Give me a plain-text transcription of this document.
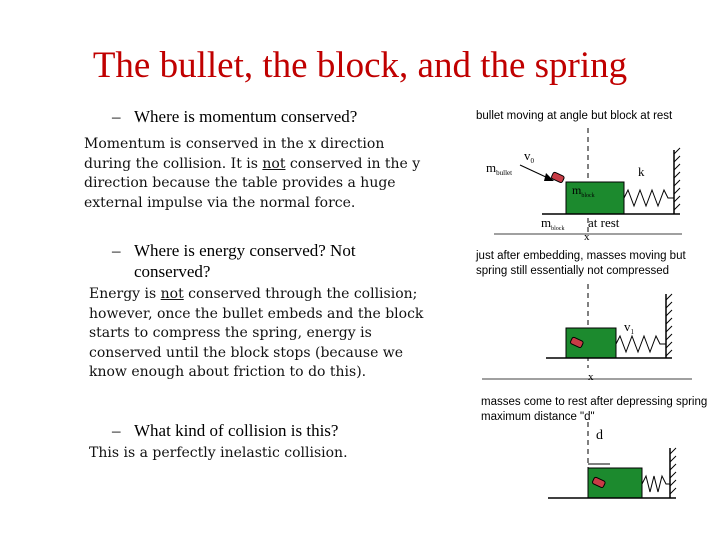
The bullet, the block, and the spring
– Where is momentum conserved?
Momentum is conserved in the x direction during the collision. It is not conserved in the y direction because the table provides a huge external impulse via the normal force.
– Where is energy conserved? Not
conserved?
Energy is not conserved through the collision; however, once the bullet embeds and the block starts to compress the spring, energy is conserved until the block stops (because we know enough about friction to do this).
– What kind of collision is this?
This is a perfectly inelastic collision.
bullet moving at angle but block at rest
just after embedding, masses moving but spring still essentially not compressed
masses come to rest after depressing spring maximum distance "d"
$m_{bullet}$
$v_0$
k
$m_{block}$
$m_{block}$ at rest
x
$v_1$
x
d
